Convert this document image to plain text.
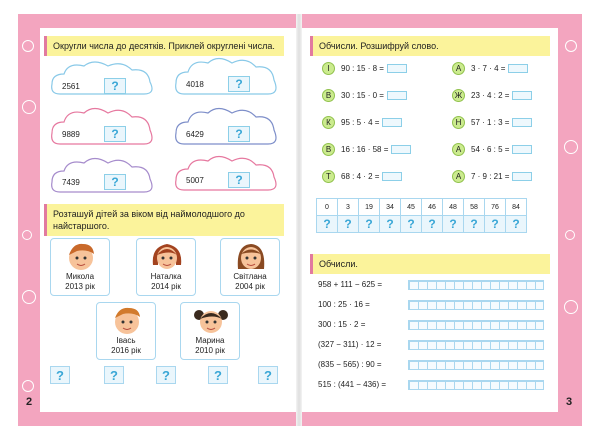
Округли числа до десятків. Приклей округлені числа.
2561	?	4018	?
9889	?	6429	?
7439	?	5007	?
Розташуй дітей за віком від наймолодшого до найстаршого.
Микола
2013 рік
Наталка
2014 рік
Світлана
2004 рік
Івась
2016 рік
Марина
2010 рік
?	?	?	?	?
2
Обчисли. Розшифруй слово.
І 90 : 15 · 8 =
В 30 : 15 · 0 =
К 95 : 5 · 4 =
В 16 : 16 · 58 =
Т 68 : 4 · 2 =
А 3 · 7 · 4 =
Ж 23 · 4 : 2 =
Н 57 · 1 : 3 =
А 54 · 6 : 5 =
А 7 · 9 : 21 =
0	3	19	34	45	46	48	58	76	84
?	?	?	?	?	?	?	?	?	?
Обчисли.
958 + 111 − 625 =
100 : 25 · 16 =
300 : 15 · 2 =
(327 − 311) · 12 =
(835 − 565) : 90 =
515 : (441 − 436) =
3
